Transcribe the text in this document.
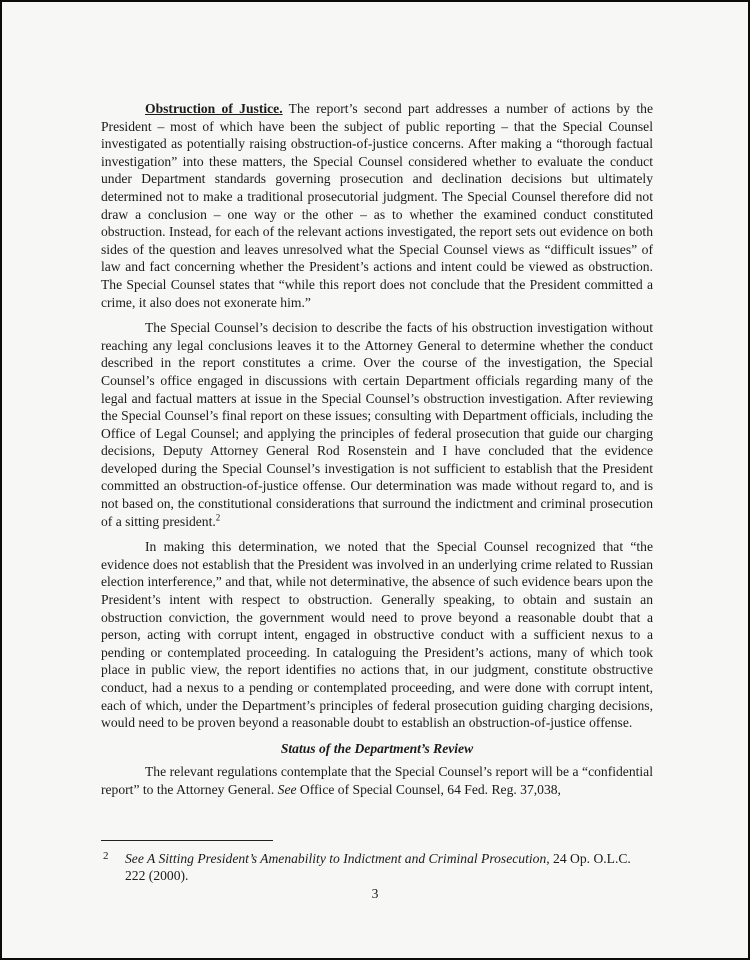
Obstruction of Justice. The report’s second part addresses a number of actions by the President – most of which have been the subject of public reporting – that the Special Counsel investigated as potentially raising obstruction-of-justice concerns. After making a “thorough factual investigation” into these matters, the Special Counsel considered whether to evaluate the conduct under Department standards governing prosecution and declination decisions but ultimately determined not to make a traditional prosecutorial judgment. The Special Counsel therefore did not draw a conclusion – one way or the other – as to whether the examined conduct constituted obstruction. Instead, for each of the relevant actions investigated, the report sets out evidence on both sides of the question and leaves unresolved what the Special Counsel views as “difficult issues” of law and fact concerning whether the President’s actions and intent could be viewed as obstruction. The Special Counsel states that “while this report does not conclude that the President committed a crime, it also does not exonerate him.”

The Special Counsel’s decision to describe the facts of his obstruction investigation without reaching any legal conclusions leaves it to the Attorney General to determine whether the conduct described in the report constitutes a crime. Over the course of the investigation, the Special Counsel’s office engaged in discussions with certain Department officials regarding many of the legal and factual matters at issue in the Special Counsel’s obstruction investigation. After reviewing the Special Counsel’s final report on these issues; consulting with Department officials, including the Office of Legal Counsel; and applying the principles of federal prosecution that guide our charging decisions, Deputy Attorney General Rod Rosenstein and I have concluded that the evidence developed during the Special Counsel’s investigation is not sufficient to establish that the President committed an obstruction-of-justice offense. Our determination was made without regard to, and is not based on, the constitutional considerations that surround the indictment and criminal prosecution of a sitting president.$^2$

In making this determination, we noted that the Special Counsel recognized that “the evidence does not establish that the President was involved in an underlying crime related to Russian election interference,” and that, while not determinative, the absence of such evidence bears upon the President’s intent with respect to obstruction. Generally speaking, to obtain and sustain an obstruction conviction, the government would need to prove beyond a reasonable doubt that a person, acting with corrupt intent, engaged in obstructive conduct with a sufficient nexus to a pending or contemplated proceeding. In cataloguing the President’s actions, many of which took place in public view, the report identifies no actions that, in our judgment, constitute obstructive conduct, had a nexus to a pending or contemplated proceeding, and were done with corrupt intent, each of which, under the Department’s principles of federal prosecution guiding charging decisions, would need to be proven beyond a reasonable doubt to establish an obstruction-of-justice offense.

Status of the Department’s Review

The relevant regulations contemplate that the Special Counsel’s report will be a “confidential report” to the Attorney General. See Office of Special Counsel, 64 Fed. Reg. 37,038,

2 See A Sitting President’s Amenability to Indictment and Criminal Prosecution, 24 Op. O.L.C. 222 (2000).
3
